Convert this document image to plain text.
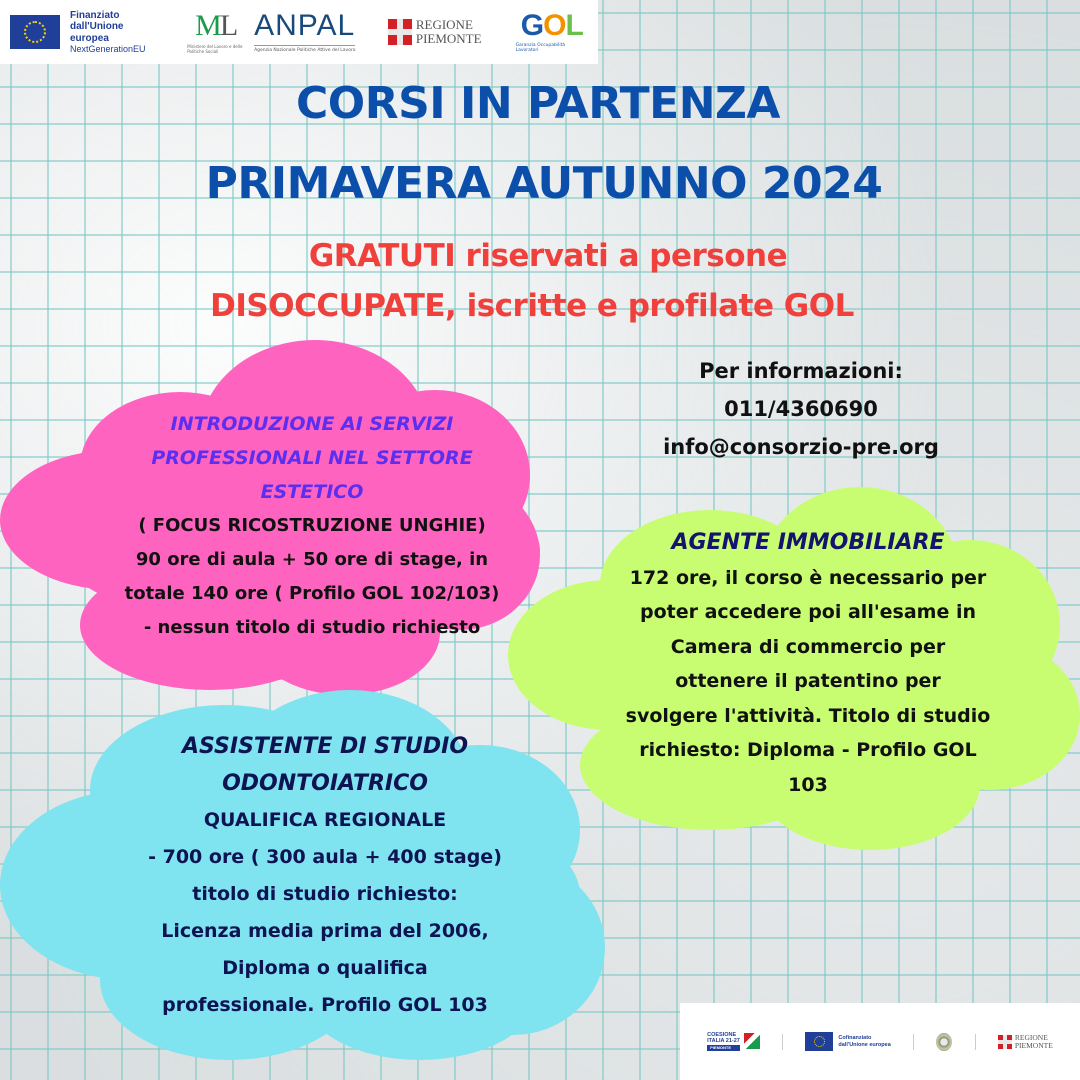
Finanziato
dall'Unione europea
NextGenerationEU
ML
Ministero del Lavoro e delle Politiche Sociali
ANPAL
Agenzia Nazionale Politiche Attive del Lavoro
REGIONE
PIEMONTE GOL
Garanzia Occupabilità Lavoratori
CORSI IN PARTENZA
PRIMAVERA AUTUNNO 2024
GRATUTI riservati a persone
DISOCCUPATE, iscritte e profilate GOL
INTRODUZIONE AI SERVIZI
PROFESSIONALI NEL SETTORE
ESTETICO
( FOCUS RICOSTRUZIONE UNGHIE)
90 ore di aula + 50 ore di stage, in
totale 140 ore ( Profilo GOL 102/103)
- nessun titolo di studio richiesto
AGENTE IMMOBILIARE
172 ore, il corso è necessario per
poter accedere poi all'esame in
Camera di commercio per
ottenere il patentino per
svolgere l'attività. Titolo di studio
richiesto: Diploma - Profilo GOL
103
ASSISTENTE DI STUDIO
ODONTOIATRICO
QUALIFICA REGIONALE
- 700 ore ( 300 aula + 400 stage)
titolo di studio richiesto:
Licenza media prima del 2006,
Diploma o qualifica
professionale. Profilo GOL 103
Per informazioni:
011/4360690
info@consorzio-pre.org
COESIONE
ITALIA 21-27
PIEMONTE
Cofinanziato
dall'Unione europea
REGIONE
PIEMONTE
